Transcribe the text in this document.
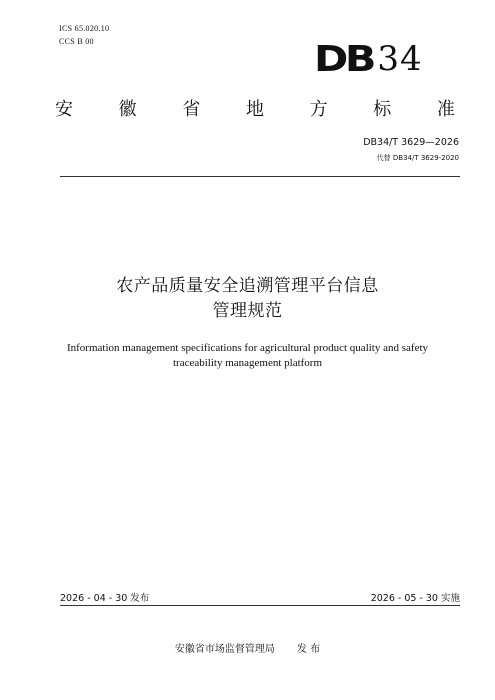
ICS 65.020.10
CCS B 00	DB 34
安	徽	省	地	方	标	准
DB34/T 3629—2026
代替 DB34/T 3629-2020
农产品质量安全追溯管理平台信息
管理规范
Information management specifications for agricultural product quality and safety
traceability management platform
2026 - 04 - 30 发布	2026 - 05 - 30 实施
安徽省市场监督管理局 发 布
